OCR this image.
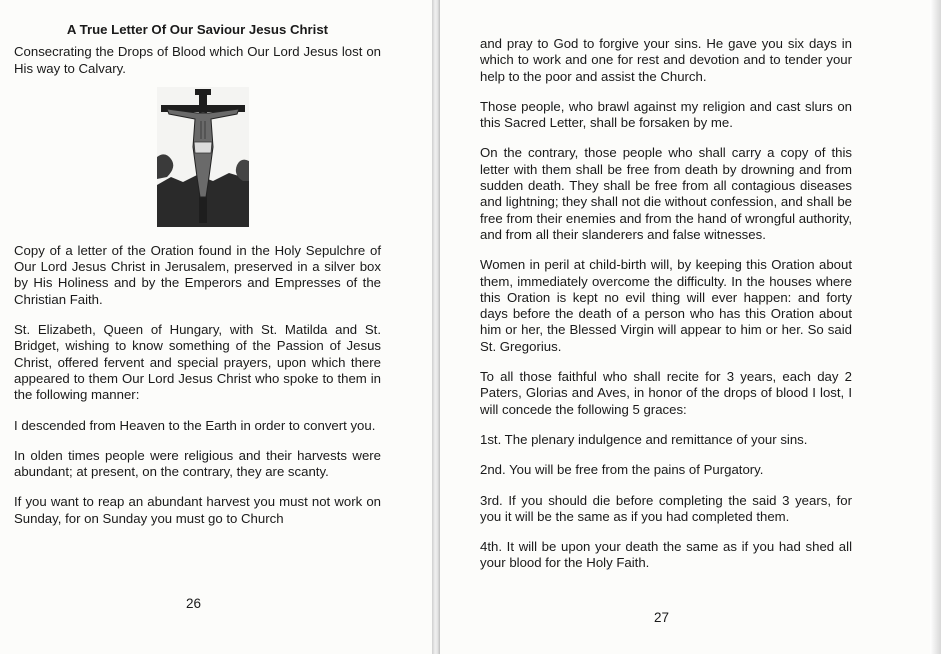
A True Letter Of Our Saviour Jesus Christ

Consecrating the Drops of Blood which Our Lord Jesus lost on His way to Calvary.

Copy of a letter of the Oration found in the Holy Sepulchre of Our Lord Jesus Christ in Jerusalem, preserved in a silver box by His Holiness and by the Emperors and Empresses of the Christian Faith.

St. Elizabeth, Queen of Hungary, with St. Matilda and St. Bridget, wishing to know something of the Passion of Jesus Christ, offered fervent and special prayers, upon which there appeared to them Our Lord Jesus Christ who spoke to them in the following manner:

I descended from Heaven to the Earth in order to convert you.

In olden times people were religious and their harvests were abundant; at present, on the contrary, they are scanty.

If you want to reap an abundant harvest you must not work on Sunday, for on Sunday you must go to Church

26

and pray to God to forgive your sins. He gave you six days in which to work and one for rest and devotion and to tender your help to the poor and assist the Church.

Those people, who brawl against my religion and cast slurs on this Sacred Letter, shall be forsaken by me.

On the contrary, those people who shall carry a copy of this letter with them shall be free from death by drowning and from sudden death. They shall be free from all contagious diseases and lightning; they shall not die without confession, and shall be free from their enemies and from the hand of wrongful authority, and from all their slanderers and false witnesses.

Women in peril at child-birth will, by keeping this Oration about them, immediately overcome the difficulty. In the houses where this Oration is kept no evil thing will ever happen: and forty days before the death of a person who has this Oration about him or her, the Blessed Virgin will appear to him or her. So said St. Gregorius.

To all those faithful who shall recite for 3 years, each day 2 Paters, Glorias and Aves, in honor of the drops of blood I lost, I will concede the following 5 graces:

1st. The plenary indulgence and remittance of your sins.

2nd. You will be free from the pains of Purgatory.

3rd. If you should die before completing the said 3 years, for you it will be the same as if you had completed them.

4th. It will be upon your death the same as if you had shed all your blood for the Holy Faith.

27
